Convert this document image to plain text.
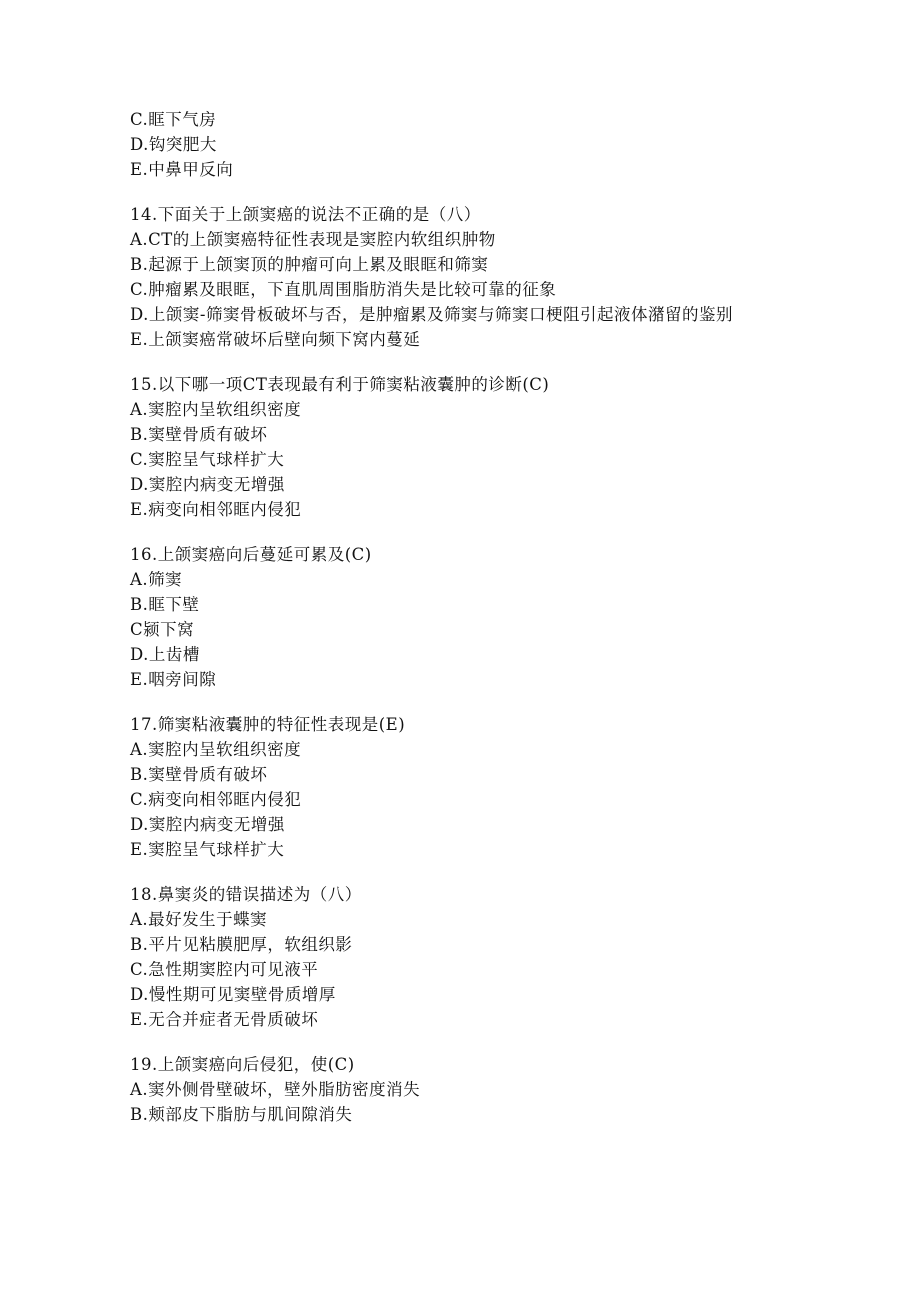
C.眶下气房
D.钩突肥大
E.中鼻甲反向
14.下面关于上颌窦癌的说法不正确的是（八）
A.CT的上颌窦癌特征性表现是窦腔内软组织肿物
B.起源于上颌窦顶的肿瘤可向上累及眼眶和筛窦
C.肿瘤累及眼眶，下直肌周围脂肪消失是比较可靠的征象
D.上颌窦-筛窦骨板破坏与否，是肿瘤累及筛窦与筛窦口梗阻引起液体潴留的鉴别
E.上颌窦癌常破坏后壁向频下窝内蔓延
15.以下哪一项CT表现最有利于筛窦粘液囊肿的诊断(C)
A.窦腔内呈软组织密度
B.窦壁骨质有破坏
C.窦腔呈气球样扩大
D.窦腔内病变无增强
E.病变向相邻眶内侵犯
16.上颌窦癌向后蔓延可累及(C)
A.筛窦
B.眶下壁
C颍下窝
D.上齿槽
E.咽旁间隙
17.筛窦粘液囊肿的特征性表现是(E)
A.窦腔内呈软组织密度
B.窦壁骨质有破坏
C.病变向相邻眶内侵犯
D.窦腔内病变无增强
E.窦腔呈气球样扩大
18.鼻窦炎的错误描述为（八）
A.最好发生于蝶窦
B.平片见粘膜肥厚，软组织影
C.急性期窦腔内可见液平
D.慢性期可见窦壁骨质增厚
E.无合并症者无骨质破坏
19.上颌窦癌向后侵犯，使(C)
A.窦外侧骨壁破坏，壁外脂肪密度消失
B.颊部皮下脂肪与肌间隙消失
